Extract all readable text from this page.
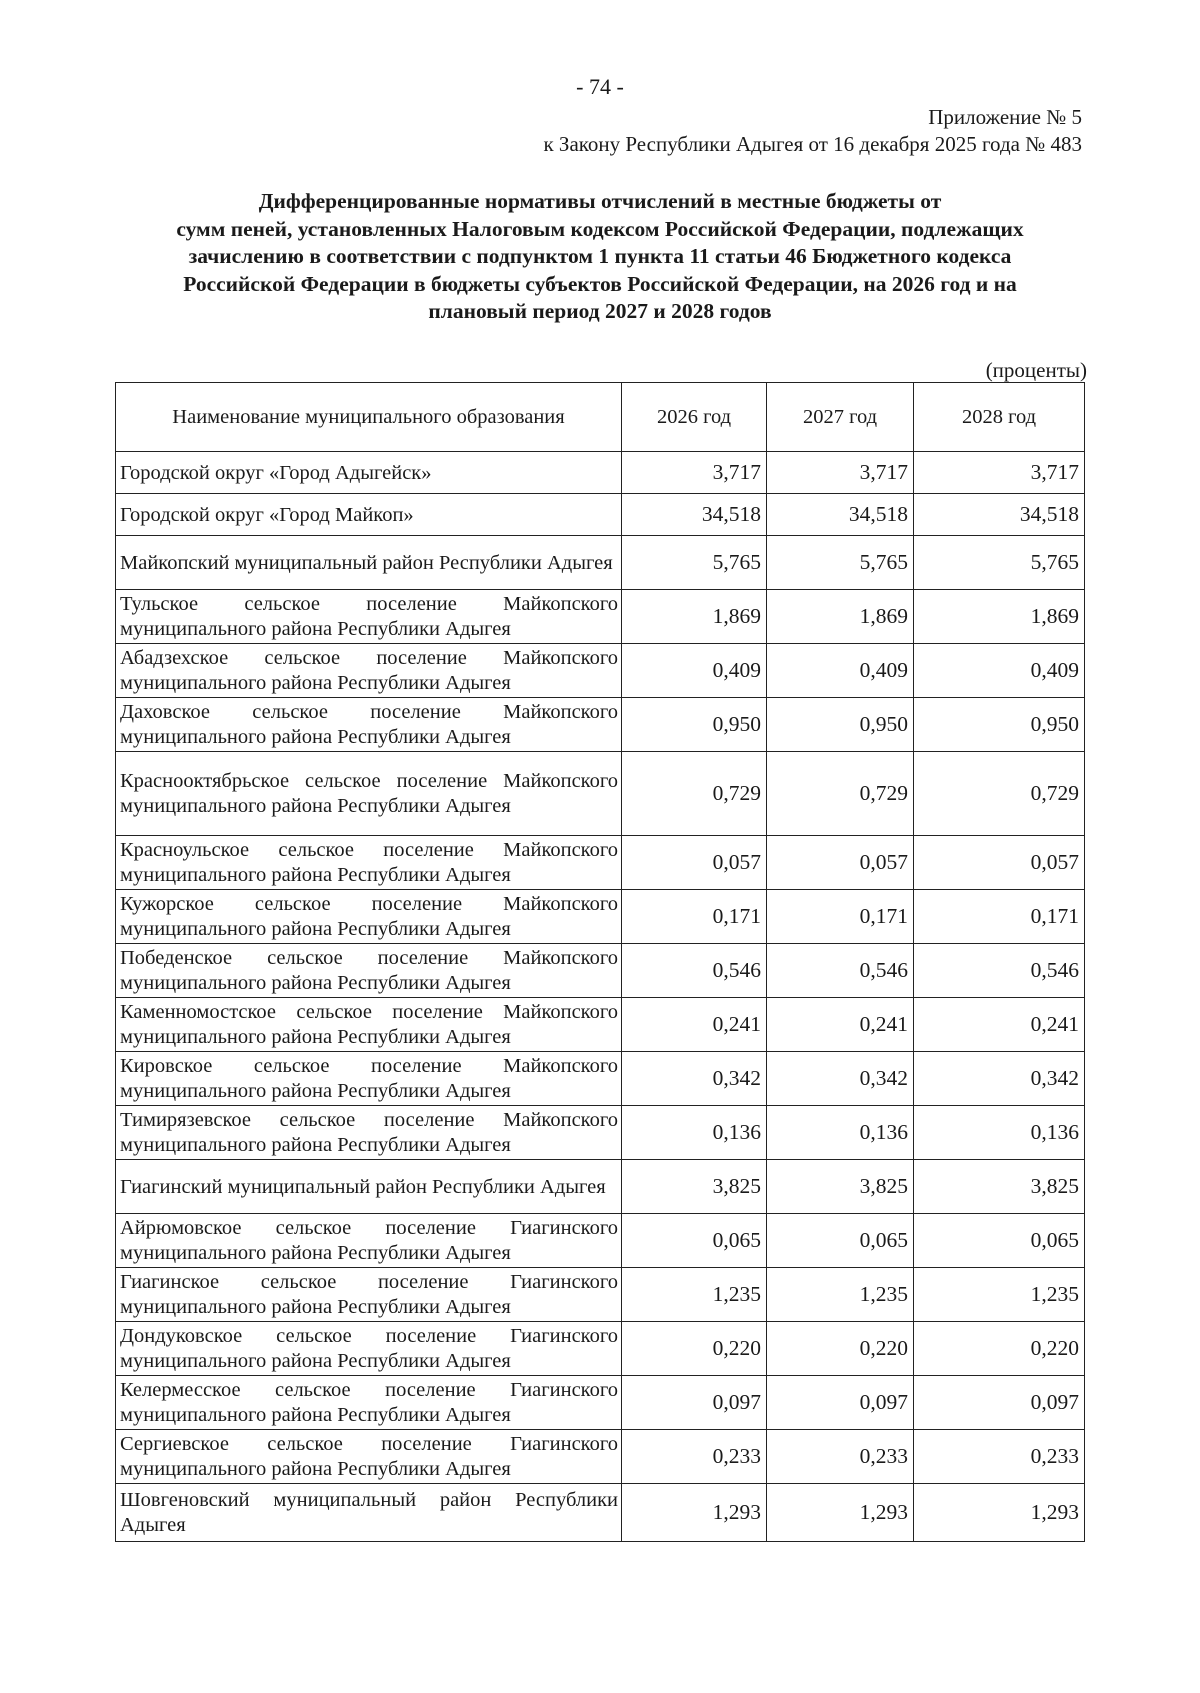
- 74 -
Приложение № 5
к Закону Республики Адыгея от 16 декабря 2025 года № 483
Дифференцированные нормативы отчислений в местные бюджеты от
сумм пеней, установленных Налоговым кодексом Российской Федерации, подлежащих
зачислению в соответствии с подпунктом 1 пункта 11 статьи 46 Бюджетного кодекса
Российской Федерации в бюджеты субъектов Российской Федерации, на 2026 год и на
плановый период 2027 и 2028 годов
(проценты)
Наименование муниципального образования	2026 год	2027 год	2028 год
Городской округ «Город Адыгейск»	3,717	3,717	3,717
Городской округ «Город Майкоп»	34,518	34,518	34,518
Майкопский муниципальный район Республики Адыгея	5,765	5,765	5,765
Тульское сельское поселение Майкопского муниципального района Республики Адыгея	1,869	1,869	1,869
Абадзехское сельское поселение Майкопского муниципального района Республики Адыгея	0,409	0,409	0,409
Даховское сельское поселение Майкопского муниципального района Республики Адыгея	0,950	0,950	0,950
Краснооктябрьское сельское поселение Майкопского муниципального района Республики Адыгея	0,729	0,729	0,729
Красноульское сельское поселение Майкопского муниципального района Республики Адыгея	0,057	0,057	0,057
Кужорское сельское поселение Майкопского муниципального района Республики Адыгея	0,171	0,171	0,171
Победенское сельское поселение Майкопского муниципального района Республики Адыгея	0,546	0,546	0,546
Каменномостское сельское поселение Майкопского муниципального района Республики Адыгея	0,241	0,241	0,241
Кировское сельское поселение Майкопского муниципального района Республики Адыгея	0,342	0,342	0,342
Тимирязевское сельское поселение Майкопского муниципального района Республики Адыгея	0,136	0,136	0,136
Гиагинский муниципальный район Республики Адыгея	3,825	3,825	3,825
Айрюмовское сельское поселение Гиагинского муниципального района Республики Адыгея	0,065	0,065	0,065
Гиагинское сельское поселение Гиагинского муниципального района Республики Адыгея	1,235	1,235	1,235
Дондуковское сельское поселение Гиагинского муниципального района Республики Адыгея	0,220	0,220	0,220
Келермесское сельское поселение Гиагинского муниципального района Республики Адыгея	0,097	0,097	0,097
Сергиевское сельское поселение Гиагинского муниципального района Республики Адыгея	0,233	0,233	0,233
Шовгеновский муниципальный район Республики Адыгея	1,293	1,293	1,293
